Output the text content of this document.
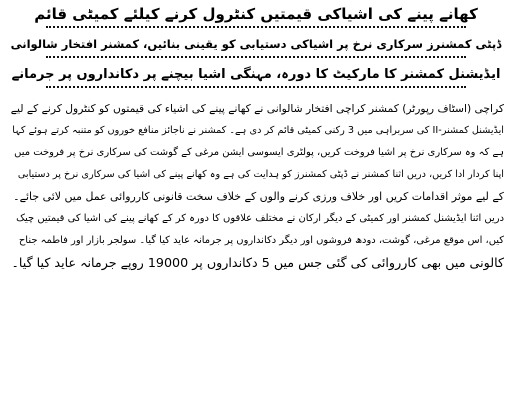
کھانے پینے کی اشیاکی قیمتیں کنٹرول کرنے کیلئے کمیٹی قائم
ڈپٹی کمشنرز سرکاری نرخ پر اشیاکی دستیابی کو یقینی بنائیں، کمشنر افتخار شالوانی
ایڈیشنل کمشنر کا مارکیٹ کا دورہ، مہنگی اشیا بیچنے پر دکانداروں پر جرمانے

کراچی (اسٹاف رپورٹر) کمشنر کراچی افتخار شالوانی نے کھانے پینے کی اشیاء کی قیمتوں کو کنٹرول کرنے کے لیے

ایڈیشنل کمشنر-II کی سربراہی میں 3 رکنی کمیٹی قائم کر دی ہے۔ کمشنر نے ناجائز منافع خوروں کو متنبہ کرتے ہوئے کہا

ہے کہ وہ سرکاری نرخ پر اشیا فروخت کریں، پولٹری ایسوسی ایشن مرغی کے گوشت کی سرکاری نرخ پر فروخت میں

اپنا کردار ادا کریں، دریں اثنا کمشنر نے ڈپٹی کمشنرز کو ہدایت کی ہے وہ کھانے پینے کی اشیا کی سرکاری نرخ پر دستیابی

کے لیے موثر اقدامات کریں اور خلاف ورزی کرنے والوں کے خلاف سخت قانونی کارروائی عمل میں لائی جائے۔

دریں اثنا ایڈیشنل کمشنر اور کمیٹی کے دیگر ارکان نے مختلف علاقوں کا دورہ کر کے کھانے پینے کی اشیا کی قیمتیں چیک

کیں، اس موقع مرغی، گوشت، دودھ فروشوں اور دیگر دکانداروں پر جرمانہ عاید کیا گیا۔ سولجر بازار اور فاطمہ جناح

کالونی میں بھی کارروائی کی گئی جس میں 5 دکانداروں پر 19000 روپے جرمانہ عاید کیا گیا۔
